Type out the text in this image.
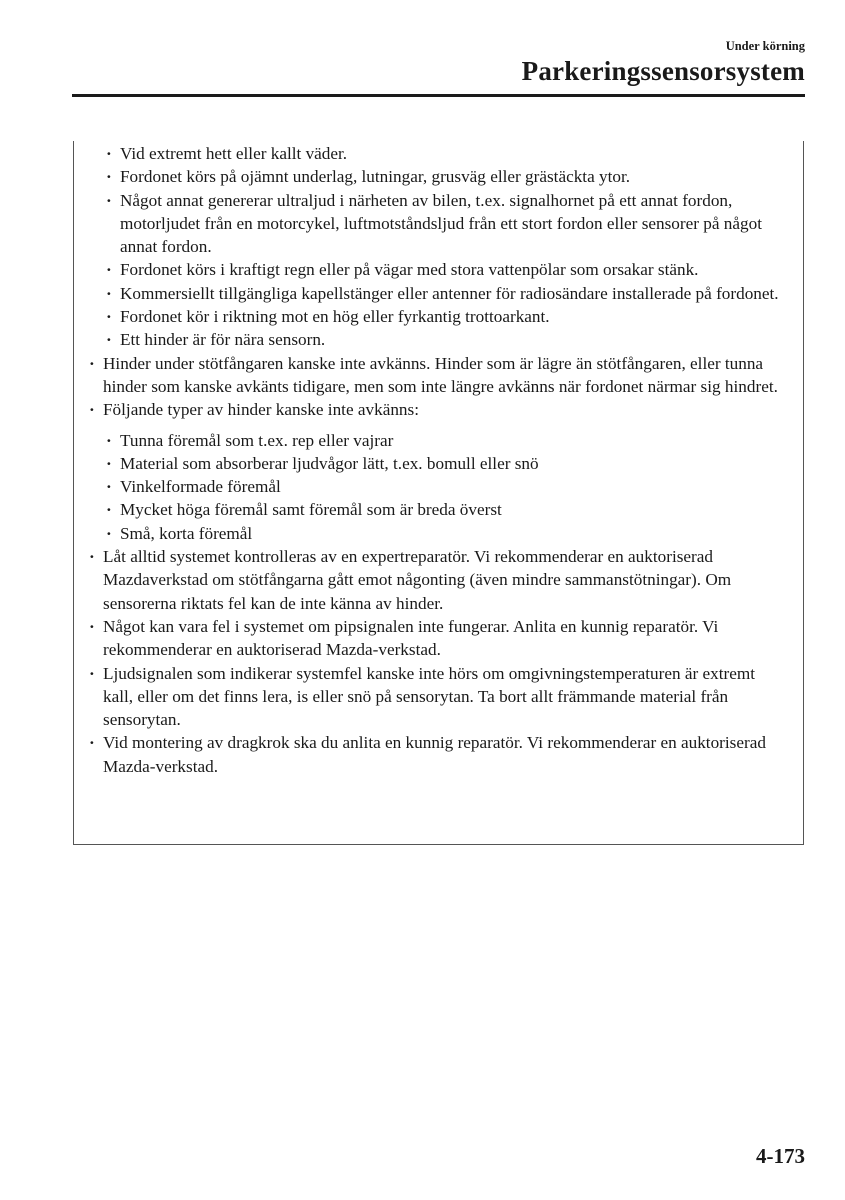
Under körning

Parkeringssensorsystem
· Vid extremt hett eller kallt väder.
· Fordonet körs på ojämnt underlag, lutningar, grusväg eller grästäckta ytor.
· Något annat genererar ultraljud i närheten av bilen, t.ex. signalhornet på ett annat fordon, motorljudet från en motorcykel, luftmotståndsljud från ett stort fordon eller sensorer på något annat fordon.
· Fordonet körs i kraftigt regn eller på vägar med stora vattenpölar som orsakar stänk.
· Kommersiellt tillgängliga kapellstänger eller antenner för radiosändare installerade på fordonet.
· Fordonet kör i riktning mot en hög eller fyrkantig trottoarkant.
· Ett hinder är för nära sensorn.
· Hinder under stötfångaren kanske inte avkänns. Hinder som är lägre än stötfångaren, eller tunna hinder som kanske avkänts tidigare, men som inte längre avkänns när fordonet närmar sig hindret.
· Följande typer av hinder kanske inte avkänns:
· Tunna föremål som t.ex. rep eller vajrar
· Material som absorberar ljudvågor lätt, t.ex. bomull eller snö
· Vinkelformade föremål
· Mycket höga föremål samt föremål som är breda överst
· Små, korta föremål
· Låt alltid systemet kontrolleras av en expertreparatör. Vi rekommenderar en auktoriserad Mazdaverkstad om stötfångarna gått emot någonting (även mindre sammanstötningar). Om sensorerna riktats fel kan de inte känna av hinder.
· Något kan vara fel i systemet om pipsignalen inte fungerar. Anlita en kunnig reparatör. Vi rekommenderar en auktoriserad Mazda-verkstad.
· Ljudsignalen som indikerar systemfel kanske inte hörs om omgivningstemperaturen är extremt kall, eller om det finns lera, is eller snö på sensorytan. Ta bort allt främmande material från sensorytan.
· Vid montering av dragkrok ska du anlita en kunnig reparatör. Vi rekommenderar en auktoriserad Mazda-verkstad.

4-173
